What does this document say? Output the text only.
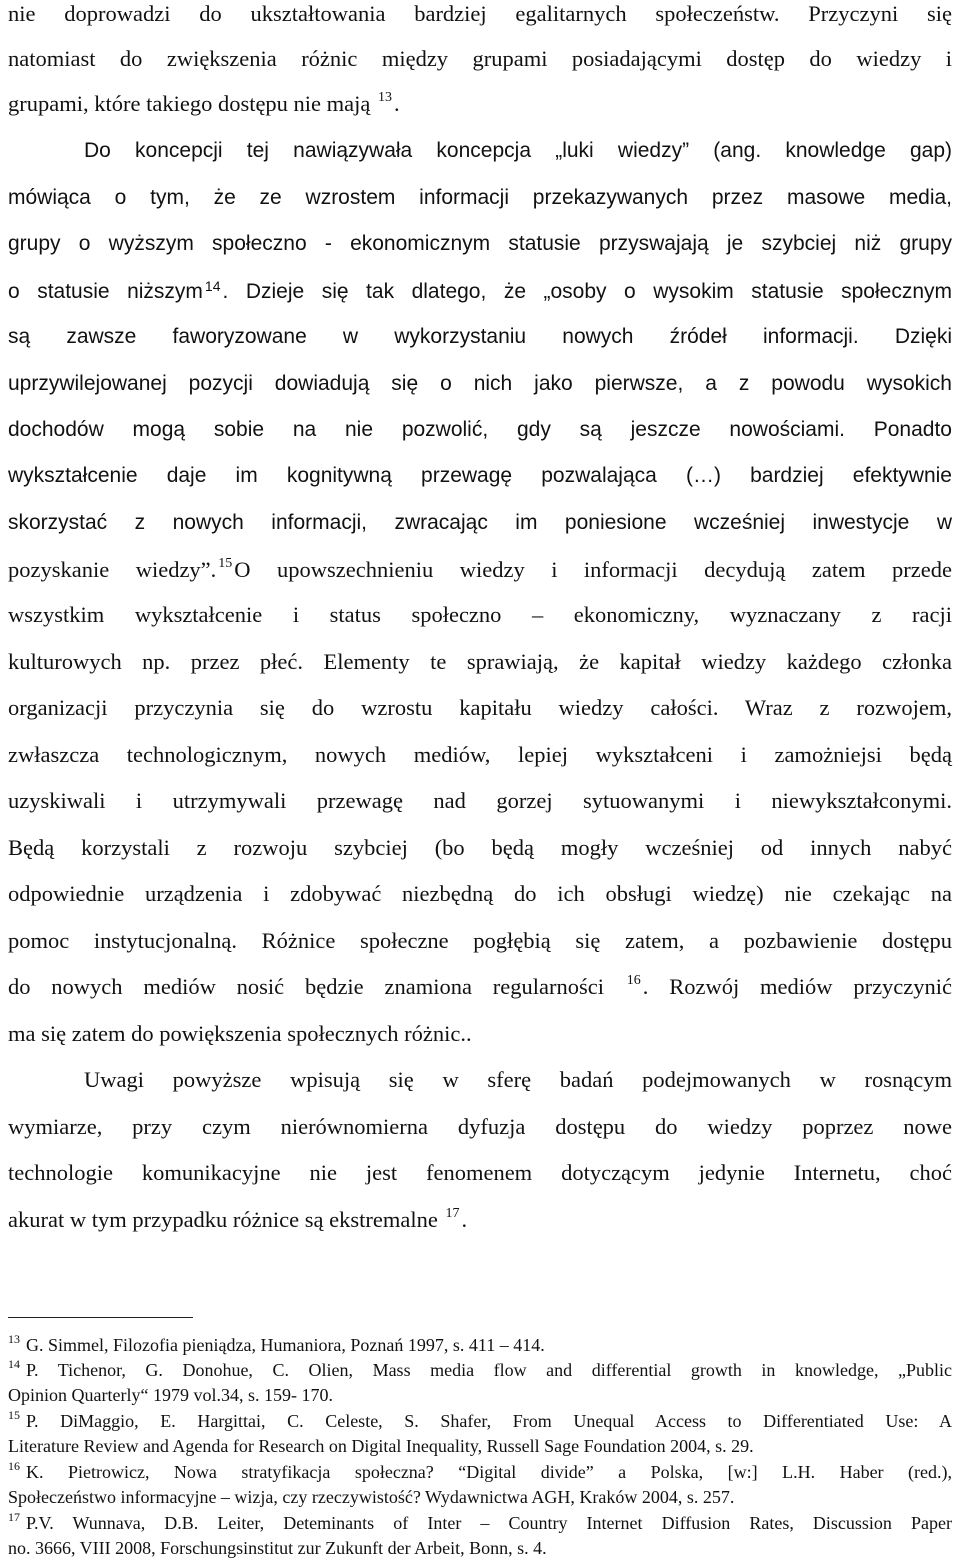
nie doprowadzi do ukształtowania bardziej egalitarnych społeczeństw. Przyczyni się
natomiast do zwiększenia różnic między grupami posiadającymi dostęp do wiedzy i
grupami, które takiego dostępu nie mają $^{13}$.
Do koncepcji tej nawiązywała koncepcja „luki wiedzy” (ang. knowledge gap)
mówiąca o tym, że ze wzrostem informacji przekazywanych przez masowe media,
grupy o wyższym społeczno - ekonomicznym statusie przyswajają je szybciej niż grupy
o statusie niższym $^{14}$. Dzieje się tak dlatego, że „osoby o wysokim statusie społecznym
są zawsze faworyzowane w wykorzystaniu nowych źródeł informacji. Dzięki
uprzywilejowanej pozycji dowiadują się o nich jako pierwsze, a z powodu wysokich
dochodów mogą sobie na nie pozwolić, gdy są jeszcze nowościami. Ponadto
wykształcenie daje im kognitywną przewagę pozwalająca (…) bardziej efektywnie
skorzystać z nowych informacji, zwracając im poniesione wcześniej inwestycje w
pozyskanie wiedzy”. $^{15}$O upowszechnieniu wiedzy i informacji decydują zatem przede
wszystkim wykształcenie i status społeczno – ekonomiczny, wyznaczany z racji
kulturowych np. przez płeć. Elementy te sprawiają, że kapitał wiedzy każdego członka
organizacji przyczynia się do wzrostu kapitału wiedzy całości. Wraz z rozwojem,
zwłaszcza technologicznym, nowych mediów, lepiej wykształceni i zamożniejsi będą
uzyskiwali i utrzymywali przewagę nad gorzej sytuowanymi i niewykształconymi.
Będą korzystali z rozwoju szybciej (bo będą mogły wcześniej od innych nabyć
odpowiednie urządzenia i zdobywać niezbędną do ich obsługi wiedzę) nie czekając na
pomoc instytucjonalną. Różnice społeczne pogłębią się zatem, a pozbawienie dostępu
do nowych mediów nosić będzie znamiona regularności $^{16}$. Rozwój mediów przyczynić
ma się zatem do powiększenia społecznych różnic..
Uwagi powyższe wpisują się w sferę badań podejmowanych w rosnącym
wymiarze, przy czym nierównomierna dyfuzja dostępu do wiedzy poprzez nowe
technologie komunikacyjne nie jest fenomenem dotyczącym jedynie Internetu, choć
akurat w tym przypadku różnice są ekstremalne $^{17}$.
$^{13}$ G. Simmel, Filozofia pieniądza, Humaniora, Poznań 1997, s. 411 – 414.
$^{14}$ P. Tichenor, G. Donohue, C. Olien, Mass media flow and differential growth in knowledge, „Public
Opinion Quarterly“ 1979 vol.34, s. 159- 170.
$^{15}$ P. DiMaggio, E. Hargittai, C. Celeste, S. Shafer, From Unequal Access to Differentiated Use: A
Literature Review and Agenda for Research on Digital Inequality, Russell Sage Foundation 2004, s. 29.
$^{16}$ K. Pietrowicz, Nowa stratyfikacja społeczna? “Digital divide” a Polska, [w:] L.H. Haber (red.),
Społeczeństwo informacyjne – wizja, czy rzeczywistość? Wydawnictwa AGH, Kraków 2004, s. 257.
$^{17}$ P.V. Wunnava, D.B. Leiter, Deteminants of Inter – Country Internet Diffusion Rates, Discussion Paper
no. 3666, VIII 2008, Forschungsinstitut zur Zukunft der Arbeit, Bonn, s. 4.
